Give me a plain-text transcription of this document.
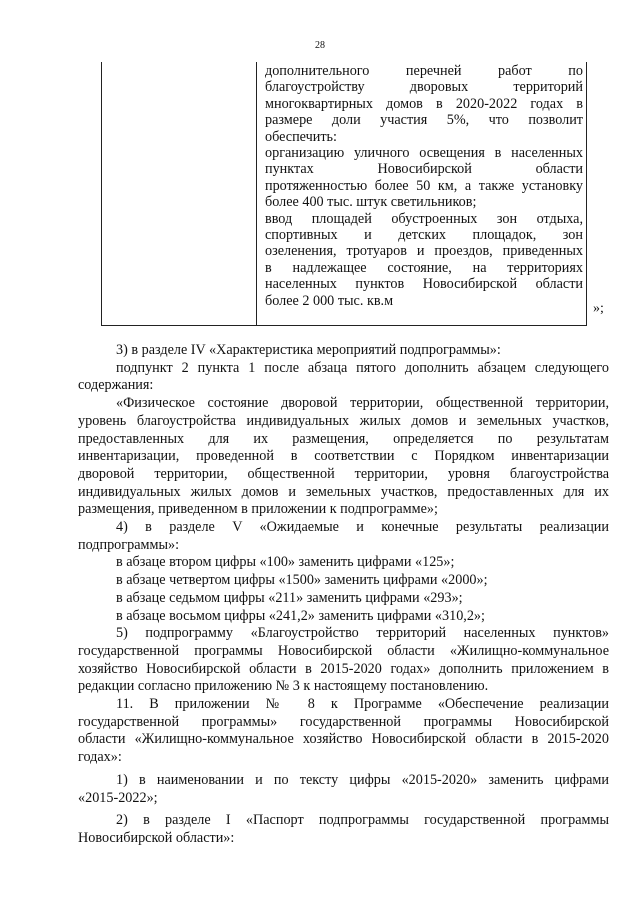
28
дополнительного перечней работ по
благоустройству дворовых территорий
многоквартирных домов в 2020-2022 годах в
размере доли участия 5%, что позволит
обеспечить:
организацию уличного освещения в населенных
пунктах Новосибирской области
протяженностью более 50 км, а также установку
более 400 тыс. штук светильников;
ввод площадей обустроенных зон отдыха,
спортивных и детских площадок, зон
озеленения, тротуаров и проездов, приведенных
в надлежащее состояние, на территориях
населенных пунктов Новосибирской области
более 2 000 тыс. кв.м	»;
3) в разделе IV «Характеристика мероприятий подпрограммы»:
подпункт 2 пункта 1 после абзаца пятого дополнить абзацем следующего
содержания:
«Физическое состояние дворовой территории, общественной территории,
уровень благоустройства индивидуальных жилых домов и земельных участков,
предоставленных для их размещения, определяется по результатам
инвентаризации, проведенной в соответствии с Порядком инвентаризации
дворовой территории, общественной территории, уровня благоустройства
индивидуальных жилых домов и земельных участков, предоставленных для их
размещения, приведенном в приложении к подпрограмме»;
4) в разделе V «Ожидаемые и конечные результаты реализации
подпрограммы»:
в абзаце втором цифры «100» заменить цифрами «125»;
в абзаце четвертом цифры «1500» заменить цифрами «2000»;
в абзаце седьмом цифры «211» заменить цифрами «293»;
в абзаце восьмом цифры «241,2» заменить цифрами «310,2»;
5) подпрограмму «Благоустройство территорий населенных пунктов»
государственной программы Новосибирской области «Жилищно-коммунальное
хозяйство Новосибирской области в 2015-2020 годах» дополнить приложением в
редакции согласно приложению № 3 к настоящему постановлению.
11. В приложении № 8 к Программе «Обеспечение реализации
государственной программы» государственной программы Новосибирской
области «Жилищно-коммунальное хозяйство Новосибирской области в 2015-2020
годах»:
1) в наименовании и по тексту цифры «2015-2020» заменить цифрами
«2015-2022»;
2) в разделе I «Паспорт подпрограммы государственной программы
Новосибирской области»:
